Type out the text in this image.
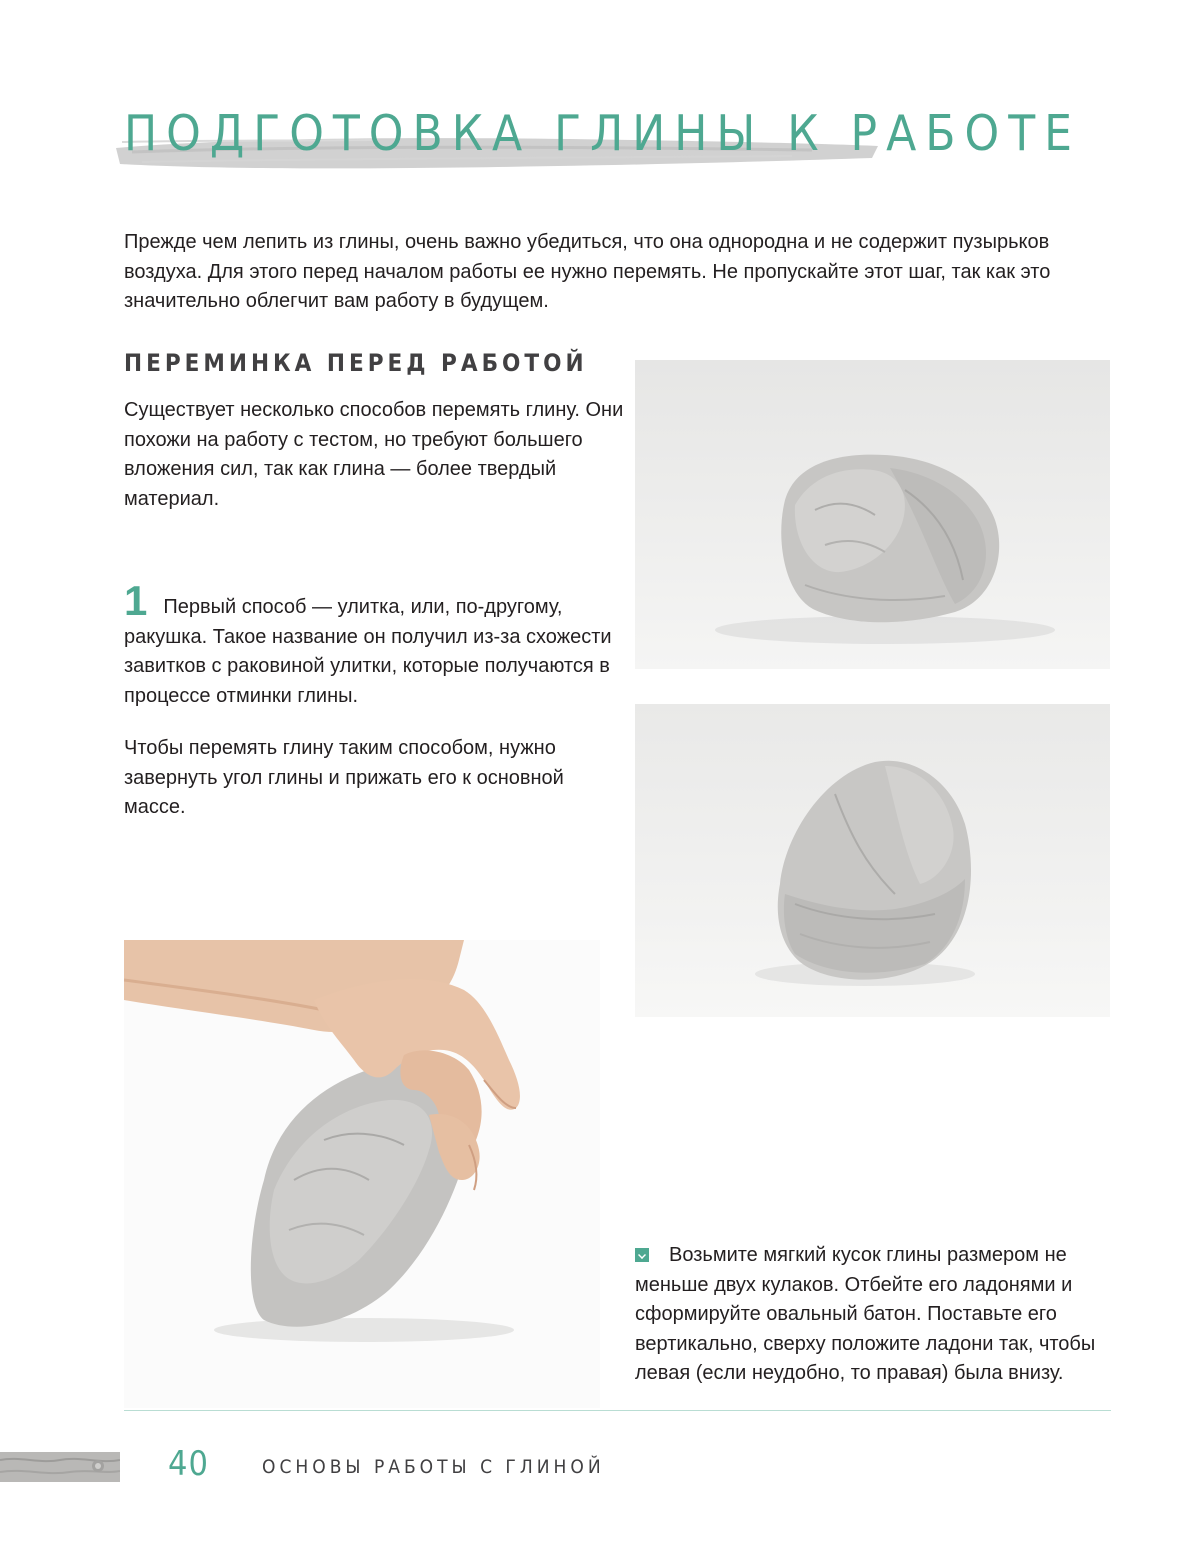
ПОДГОТОВКА ГЛИНЫ К РАБОТЕ

Прежде чем лепить из глины, очень важно убедиться, что она однородна и не содержит пузырьков воздуха. Для этого перед началом работы ее нужно перемять. Не пропускайте этот шаг, так как это значительно облегчит вам работу в будущем.

ПЕРЕМИНКА ПЕРЕД РАБОТОЙ

Существует несколько способов перемять глину. Они похожи на работу с тестом, но требуют большего вложения сил, так как глина — более твердый материал.

1 Первый способ — улитка, или, по-другому, ракушка. Такое название он получил из-за схожести завитков с раковиной улитки, которые получаются в процессе отминки глины.

Чтобы перемять глину таким способом, нужно завернуть угол глины и прижать его к основной массе.

Возьмите мягкий кусок глины размером не меньше двух кулаков. Отбейте его ладонями и сформируйте овальный батон. Поставьте его вертикально, сверху положите ладони так, чтобы левая (если неудобно, то правая) была внизу.

40	ОСНОВЫ РАБОТЫ С ГЛИНОЙ
